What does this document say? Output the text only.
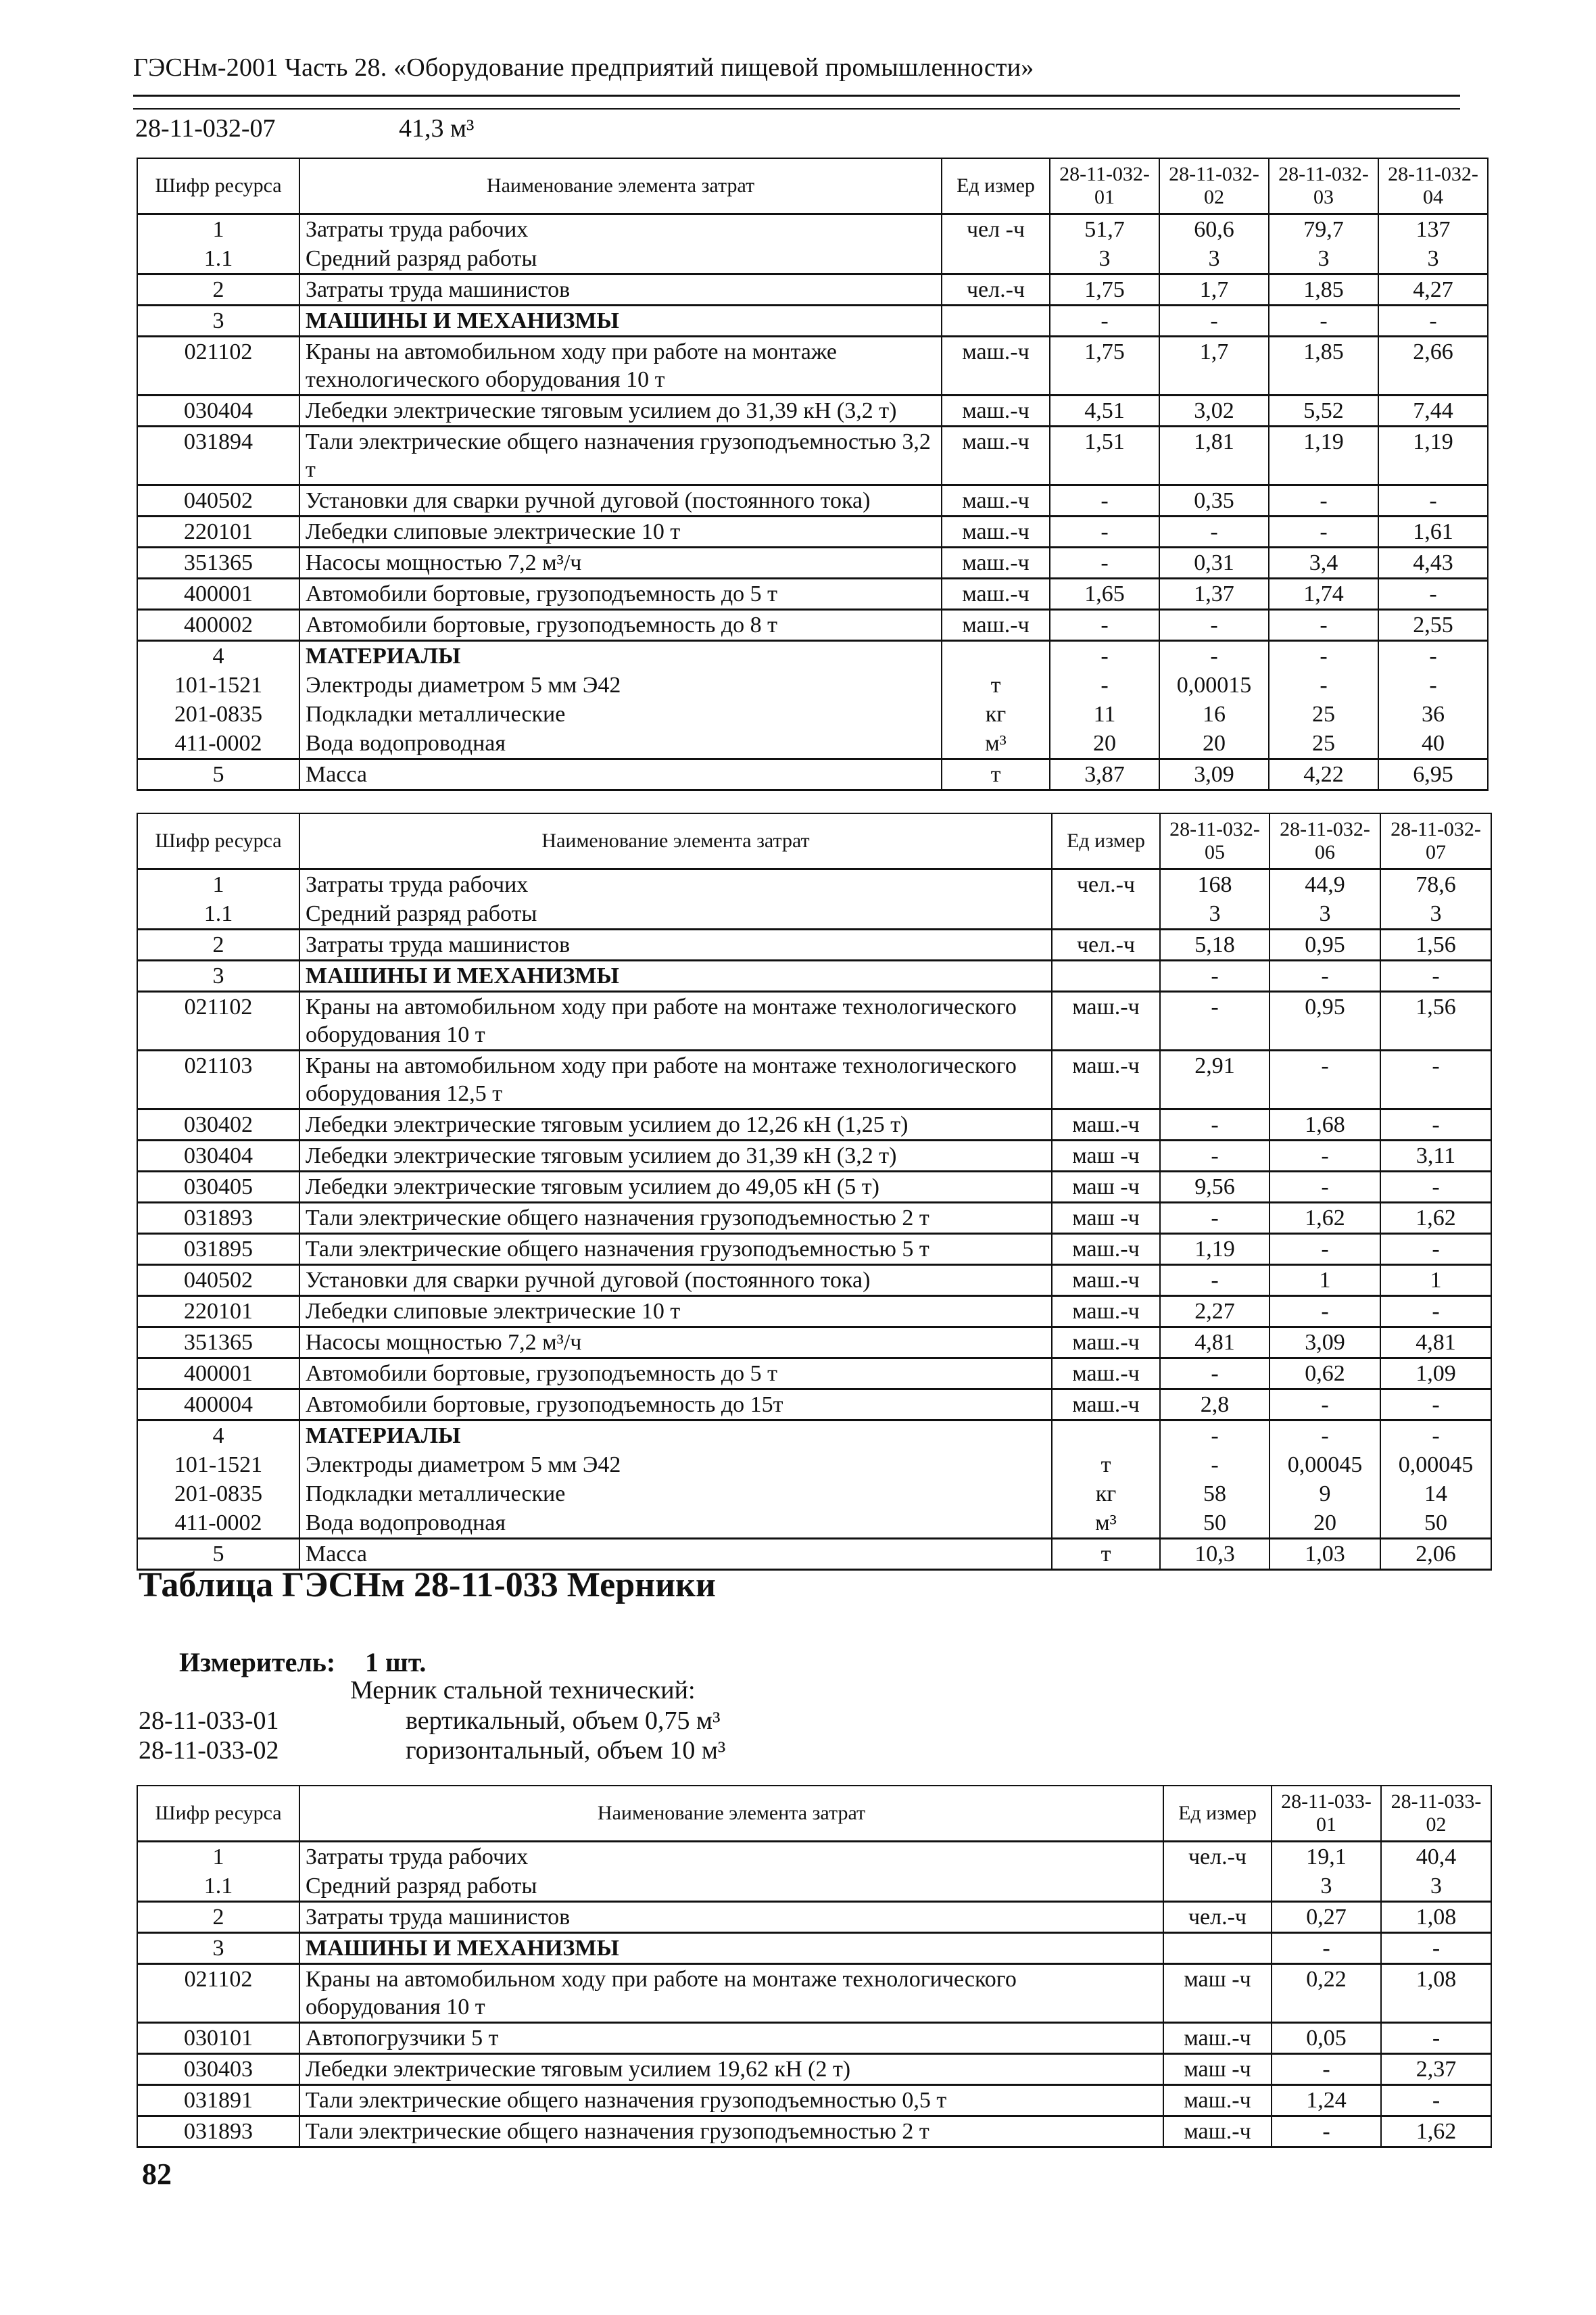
ГЭСНм-2001 Часть 28. «Оборудование предприятий пищевой промышленности»
28-11-032-07	41,3 м³
Шифр ресурса	Наименование элемента затрат	Ед измер	28-11-032-01	28-11-032-02	28-11-032-03	28-11-032-04
1	Затраты труда рабочих	чел -ч	51,7	60,6	79,7	137
1.1	Средний разряд работы		3	3	3	3
2	Затраты труда машинистов	чел.-ч	1,75	1,7	1,85	4,27
3	МАШИНЫ И МЕХАНИЗМЫ		-	-	-	-
021102	Краны на автомобильном ходу при работе на монтаже технологического оборудования 10 т	маш.-ч	1,75	1,7	1,85	2,66
030404	Лебедки электрические тяговым усилием до 31,39 кН (3,2 т)	маш.-ч	4,51	3,02	5,52	7,44
031894	Тали электрические общего назначения грузоподъемностью 3,2 т	маш.-ч	1,51	1,81	1,19	1,19
040502	Установки для сварки ручной дуговой (постоянного тока)	маш.-ч	-	0,35	-	-
220101	Лебедки слиповые электрические 10 т	маш.-ч	-	-	-	1,61
351365	Насосы мощностью 7,2 м³/ч	маш.-ч	-	0,31	3,4	4,43
400001	Автомобили бортовые, грузоподъемность до 5 т	маш.-ч	1,65	1,37	1,74	-
400002	Автомобили бортовые, грузоподъемность до 8 т	маш.-ч	-	-	-	2,55
4	МАТЕРИАЛЫ		-	-	-	-
101-1521	Электроды диаметром 5 мм Э42	т	-	0,00015	-	-
201-0835	Подкладки металлические	кг	11	16	25	36
411-0002	Вода водопроводная	м³	20	20	25	40
5	Масса	т	3,87	3,09	4,22	6,95
Шифр ресурса	Наименование элемента затрат	Ед измер	28-11-032-05	28-11-032-06	28-11-032-07
1	Затраты труда рабочих	чел.-ч	168	44,9	78,6
1.1	Средний разряд работы		3	3	3
2	Затраты труда машинистов	чел.-ч	5,18	0,95	1,56
3	МАШИНЫ И МЕХАНИЗМЫ		-	-	-
021102	Краны на автомобильном ходу при работе на монтаже технологического оборудования 10 т	маш.-ч	-	0,95	1,56
021103	Краны на автомобильном ходу при работе на монтаже технологического оборудования 12,5 т	маш.-ч	2,91	-	-
030402	Лебедки электрические тяговым усилием до 12,26 кН (1,25 т)	маш.-ч	-	1,68	-
030404	Лебедки электрические тяговым усилием до 31,39 кН (3,2 т)	маш -ч	-	-	3,11
030405	Лебедки электрические тяговым усилием до 49,05 кН (5 т)	маш -ч	9,56	-	-
031893	Тали электрические общего назначения грузоподъемностью 2 т	маш -ч	-	1,62	1,62
031895	Тали электрические общего назначения грузоподъемностью 5 т	маш.-ч	1,19	-	-
040502	Установки для сварки ручной дуговой (постоянного тока)	маш.-ч	-	1	1
220101	Лебедки слиповые электрические 10 т	маш.-ч	2,27	-	-
351365	Насосы мощностью 7,2 м³/ч	маш.-ч	4,81	3,09	4,81
400001	Автомобили бортовые, грузоподъемность до 5 т	маш.-ч	-	0,62	1,09
400004	Автомобили бортовые, грузоподъемность до 15т	маш.-ч	2,8	-	-
4	МАТЕРИАЛЫ		-	-	-
101-1521	Электроды диаметром 5 мм Э42	т	-	0,00045	0,00045
201-0835	Подкладки металлические	кг	58	9	14
411-0002	Вода водопроводная	м³	50	20	50
5	Масса	т	10,3	1,03	2,06
Таблица ГЭСНм 28-11-033 Мерники
Измеритель: 1 шт.
Мерник стальной технический:
28-11-033-01	вертикальный, объем 0,75 м³
28-11-033-02	горизонтальный, объем 10 м³
Шифр ресурса	Наименование элемента затрат	Ед измер	28-11-033-01	28-11-033-02
1	Затраты труда рабочих	чел.-ч	19,1	40,4
1.1	Средний разряд работы		3	3
2	Затраты труда машинистов	чел.-ч	0,27	1,08
3	МАШИНЫ И МЕХАНИЗМЫ		-	-
021102	Краны на автомобильном ходу при работе на монтаже технологического оборудования 10 т	маш -ч	0,22	1,08
030101	Автопогрузчики 5 т	маш.-ч	0,05	-
030403	Лебедки электрические тяговым усилием 19,62 кН (2 т)	маш -ч	-	2,37
031891	Тали электрические общего назначения грузоподъемностью 0,5 т	маш.-ч	1,24	-
031893	Тали электрические общего назначения грузоподъемностью 2 т	маш.-ч	-	1,62
82
